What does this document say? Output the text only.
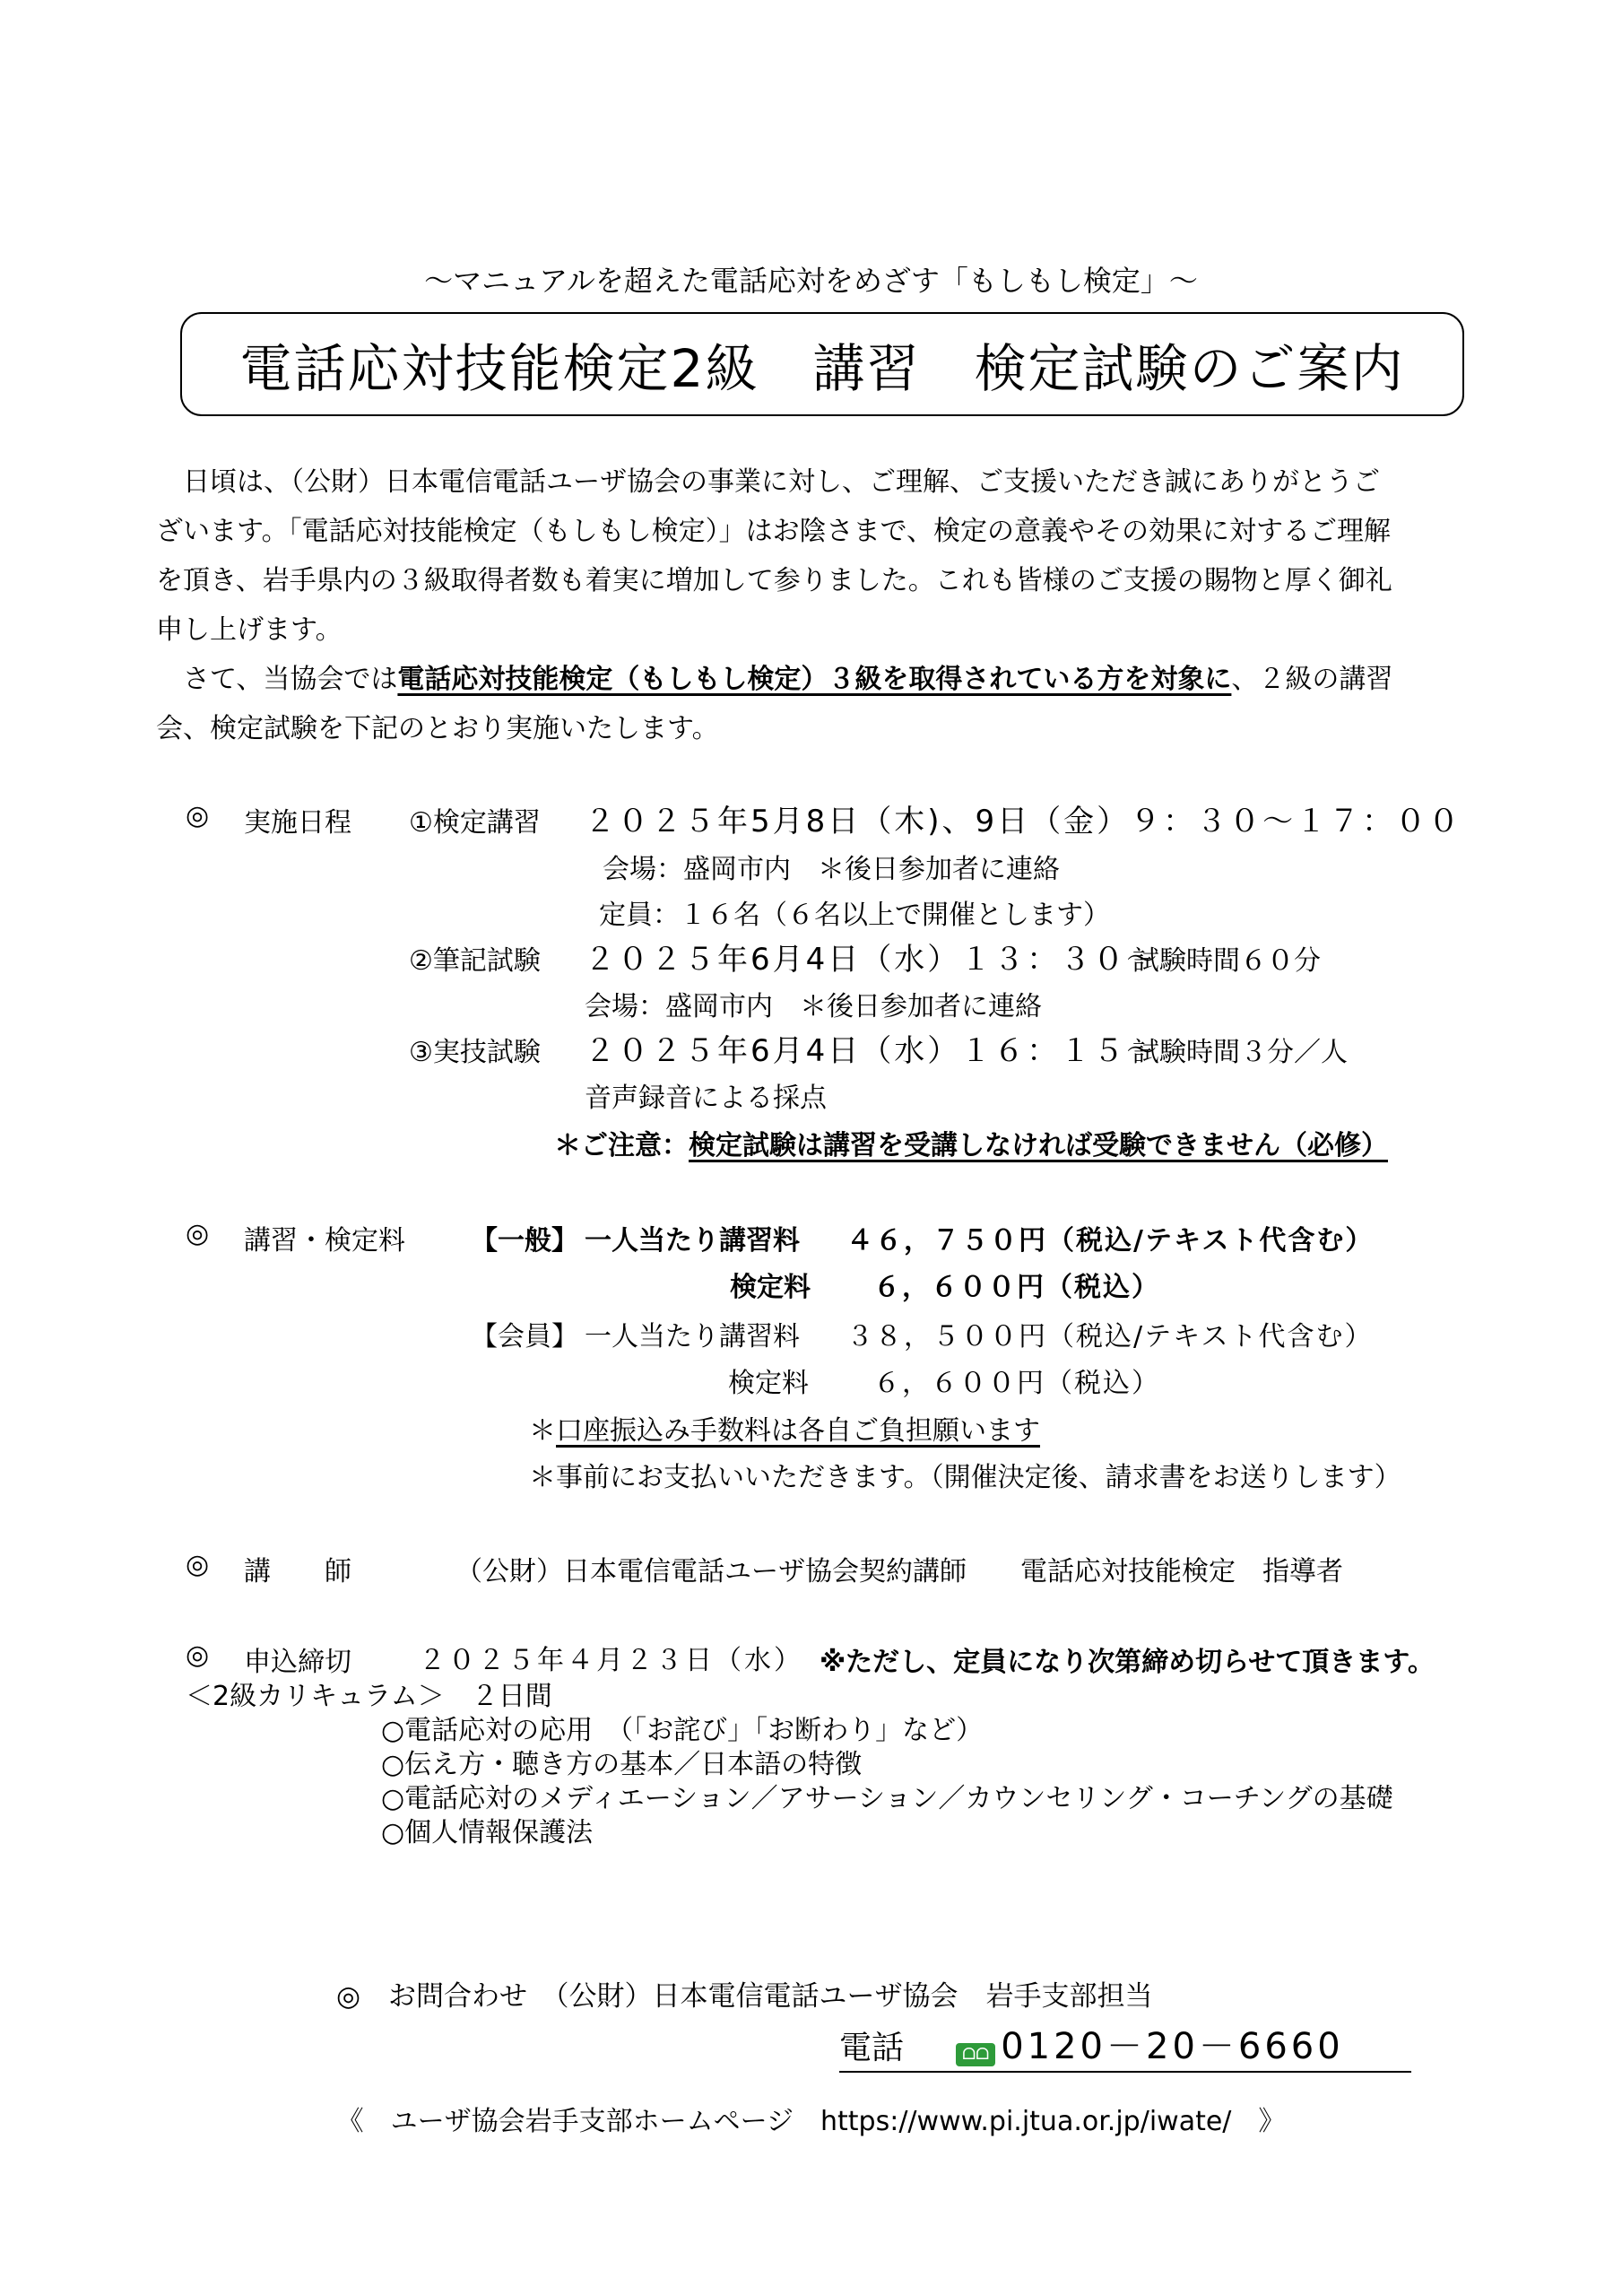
～マニュアルを超えた電話応対をめざす「もしもし検定」～
電話応対技能検定2級　講習　検定試験のご案内

日頃は、（公財）日本電信電話ユーザ協会の事業に対し、ご理解、ご支援いただき誠にありがとうご

ざいます。「電話応対技能検定（もしもし検定）」はお陰さまで、検定の意義やその効果に対するご理解

を頂き、岩手県内の３級取得者数も着実に増加して参りました。これも皆様のご支援の賜物と厚く御礼

申し上げます。

さて、当協会では電話応対技能検定（もしもし検定）３級を取得されている方を対象に、２級の講習

会、検定試験を下記のとおり実施いたします。

◎ 実施日程 ①検定講習 ２０２５年5月8日（木)、9日（金）９：３０～１７：００
会場：盛岡市内　＊後日参加者に連絡
定員：１６名（６名以上で開催とします）
②筆記試験 ２０２５年6月4日（水）１３：３０～
試験時間６０分
会場：盛岡市内　＊後日参加者に連絡
③実技試験 ２０２５年6月4日（水）１６：１５～
試験時間３分／人
音声録音による採点
＊ご注意：検定試験は講習を受講しなければ受験できません（必修）
◎ 講習・検定料 【一般】 一人当たり講習料 ４６，７５０円（税込/テキスト代含む）
検定料 ６，６００円（税込）
【会員】 一人当たり講習料 ３８，５００円（税込/テキスト代含む）
検定料 ６，６００円（税込）
＊口座振込み手数料は各自ご負担願います
＊事前にお支払いいただきます。（開催決定後、請求書をお送りします）
◎ 講　　師	（公財）日本電信電話ユーザ協会契約講師　　電話応対技能検定　指導者
◎ 申込締切	２０２５年４月２３日（水） ※ただし、定員になり次第締め切らせて頂きます。
＜2級カリキュラム＞　２日間
○電話応対の応用　（「お詫び」「お断わり」など）
○伝え方・聴き方の基本／日本語の特徴
○電話応対のメディエーション／アサーション／カウンセリング・コーチングの基礎
○個人情報保護法
◎　お問合わせ　（公財）日本電信電話ユーザ協会　岩手支部担当
電話	ᗝᗝ 0120－20－6660
《　ユーザ協会岩手支部ホームページ　https://www.pi.jtua.or.jp/iwate/　》
